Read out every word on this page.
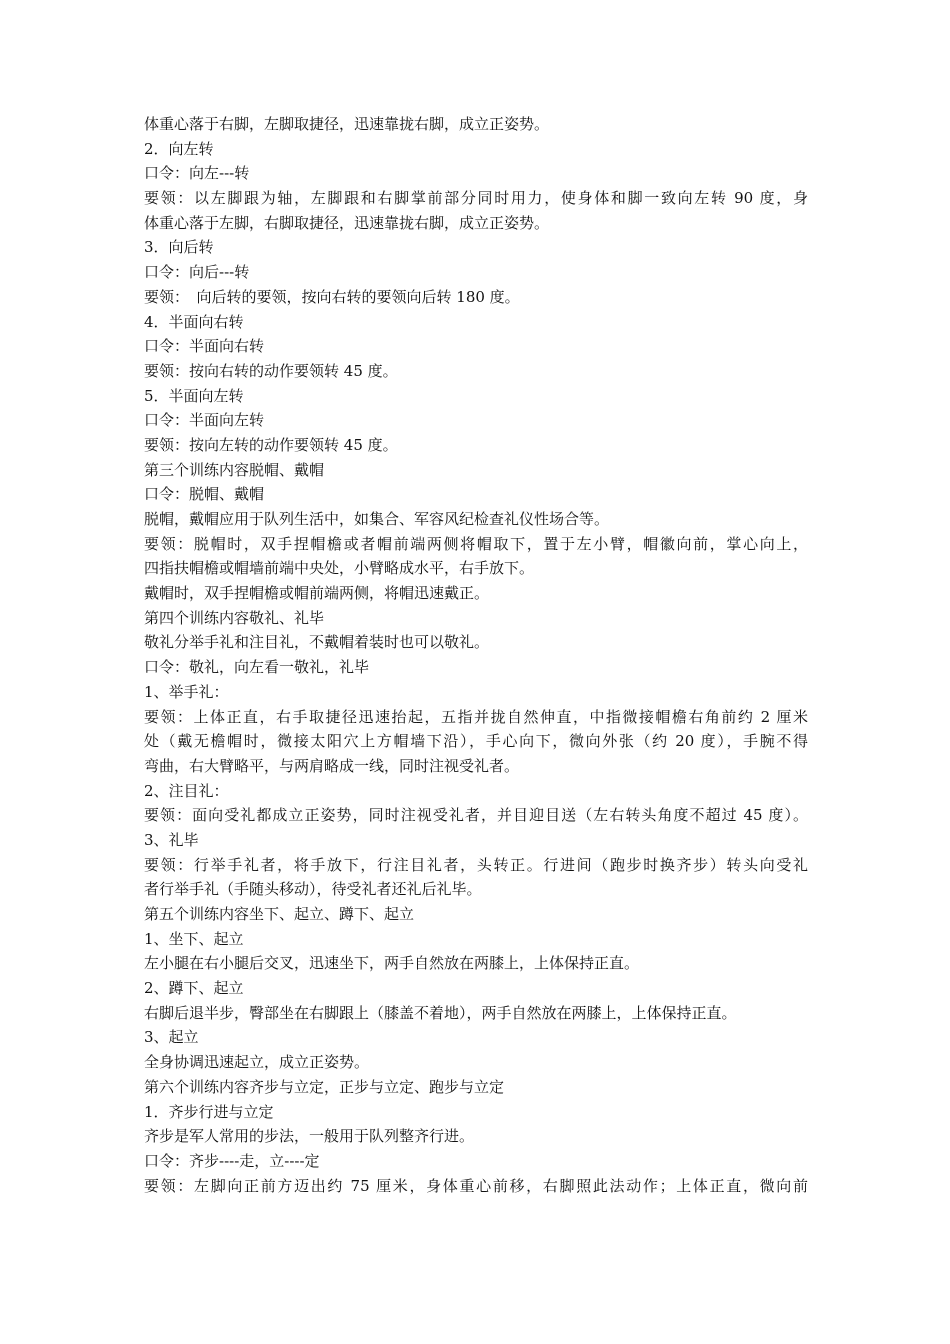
体重心落于右脚，左脚取捷径，迅速靠拢右脚，成立正姿势。
2．向左转
口令：向左---转
要领：以左脚跟为轴，左脚跟和右脚掌前部分同时用力，使身体和脚一致向左转 90 度，身
体重心落于左脚，右脚取捷径，迅速靠拢右脚，成立正姿势。
3．向后转
口令：向后---转
要领：　向后转的要领，按向右转的要领向后转 180 度。
4．半面向右转
口令：半面向右转
要领：按向右转的动作要领转 45 度。
5．半面向左转
口令：半面向左转
要领：按向左转的动作要领转 45 度。
第三个训练内容脱帽、戴帽
口令：脱帽、戴帽
脱帽，戴帽应用于队列生活中，如集合、军容风纪检查礼仪性场合等。
要领：脱帽时，双手捏帽檐或者帽前端两侧将帽取下，置于左小臂，帽徽向前，掌心向上，
四指扶帽檐或帽墙前端中央处，小臂略成水平，右手放下。
戴帽时，双手捏帽檐或帽前端两侧，将帽迅速戴正。
第四个训练内容敬礼、礼毕
敬礼分举手礼和注目礼，不戴帽着装时也可以敬礼。
口令：敬礼，向左看一敬礼，礼毕
1、举手礼：
要领：上体正直，右手取捷径迅速抬起，五指并拢自然伸直，中指微接帽檐右角前约 2 厘米
处（戴无檐帽时，微接太阳穴上方帽墙下沿），手心向下，微向外张（约 20 度），手腕不得
弯曲，右大臂略平，与两肩略成一线，同时注视受礼者。
2、注目礼：
要领：面向受礼都成立正姿势，同时注视受礼者，并目迎目送（左右转头角度不超过 45 度）。
3、礼毕
要领：行举手礼者，将手放下，行注目礼者，头转正。行进间（跑步时换齐步）转头向受礼
者行举手礼（手随头移动），待受礼者还礼后礼毕。
第五个训练内容坐下、起立、蹲下、起立
1、坐下、起立
左小腿在右小腿后交叉，迅速坐下，两手自然放在两膝上，上体保持正直。
2、蹲下、起立
右脚后退半步，臀部坐在右脚跟上（膝盖不着地），两手自然放在两膝上，上体保持正直。
3、起立
全身协调迅速起立，成立正姿势。
第六个训练内容齐步与立定，正步与立定、跑步与立定
1．齐步行进与立定
齐步是军人常用的步法，一般用于队列整齐行进。
口令：齐步----走，立----定
要领：左脚向正前方迈出约 75 厘米，身体重心前移，右脚照此法动作；上体正直，微向前
